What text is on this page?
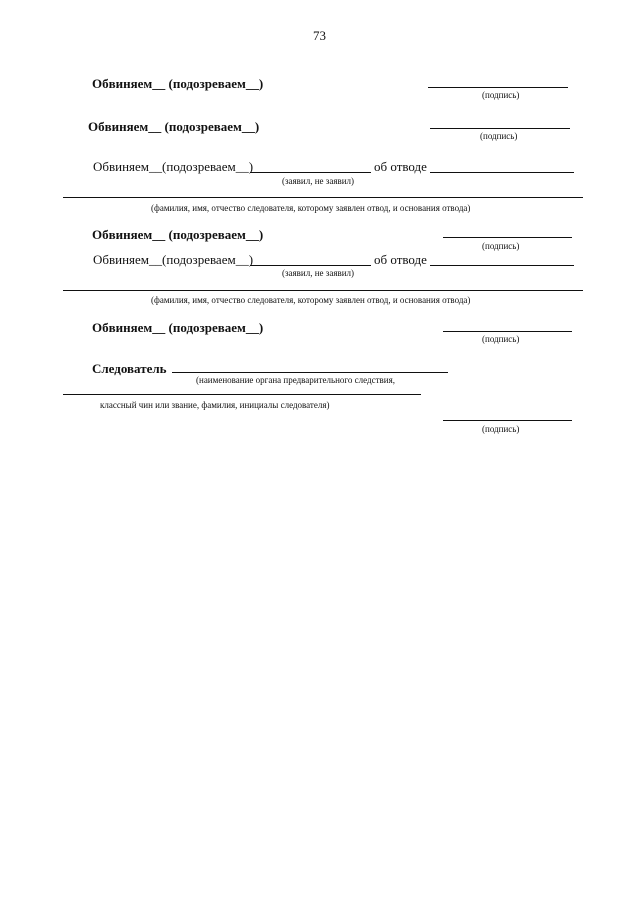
73
Обвиняем__ (подозреваем__)
(подпись)
Обвиняем__ (подозреваем__)
(подпись)
Обвиняем__(подозреваем__)	об отводе
(заявил, не заявил)
(фамилия, имя, отчество следователя, которому заявлен отвод, и основания отвода)
Обвиняем__ (подозреваем__)
(подпись)
Обвиняем__(подозреваем__)	об отводе
(заявил, не заявил)
(фамилия, имя, отчество следователя, которому заявлен отвод, и основания отвода)
Обвиняем__ (подозреваем__)
(подпись)
Следователь
(наименование органа предварительного следствия,
классный чин или звание, фамилия, инициалы следователя)
(подпись)
